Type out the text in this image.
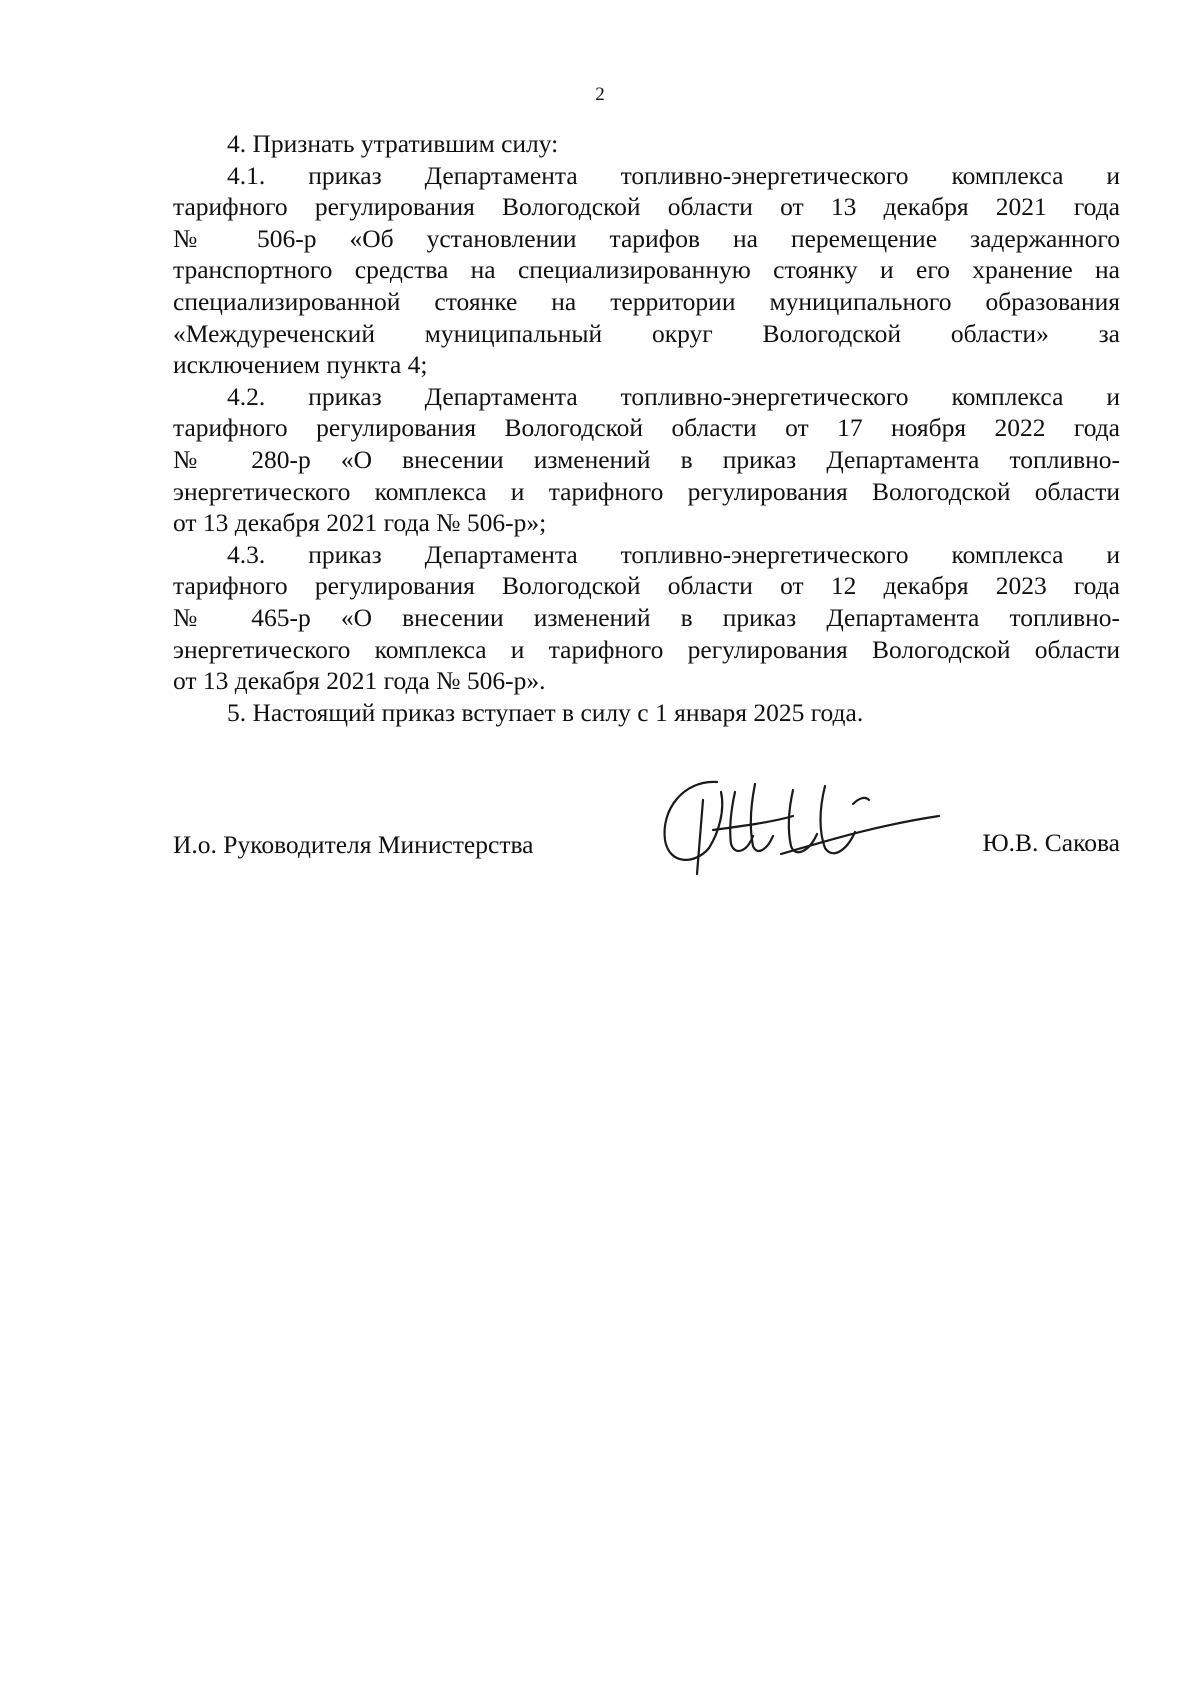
2
4. Признать утратившим силу:
4.1. приказ Департамента топливно-энергетического комплекса и
тарифного регулирования Вологодской области от 13 декабря 2021 года
№ 506-р «Об установлении тарифов на перемещение задержанного
транспортного средства на специализированную стоянку и его хранение на
специализированной стоянке на территории муниципального образования
«Междуреченский муниципальный округ Вологодской области» за
исключением пункта 4;
4.2. приказ Департамента топливно-энергетического комплекса и
тарифного регулирования Вологодской области от 17 ноября 2022 года
№ 280-р «О внесении изменений в приказ Департамента топливно-
энергетического комплекса и тарифного регулирования Вологодской области
от 13 декабря 2021 года № 506-р»;
4.3. приказ Департамента топливно-энергетического комплекса и
тарифного регулирования Вологодской области от 12 декабря 2023 года
№ 465-р «О внесении изменений в приказ Департамента топливно-
энергетического комплекса и тарифного регулирования Вологодской области
от 13 декабря 2021 года № 506-р».
5. Настоящий приказ вступает в силу с 1 января 2025 года.
И.о. Руководителя Министерства	Ю.В. Сакова
